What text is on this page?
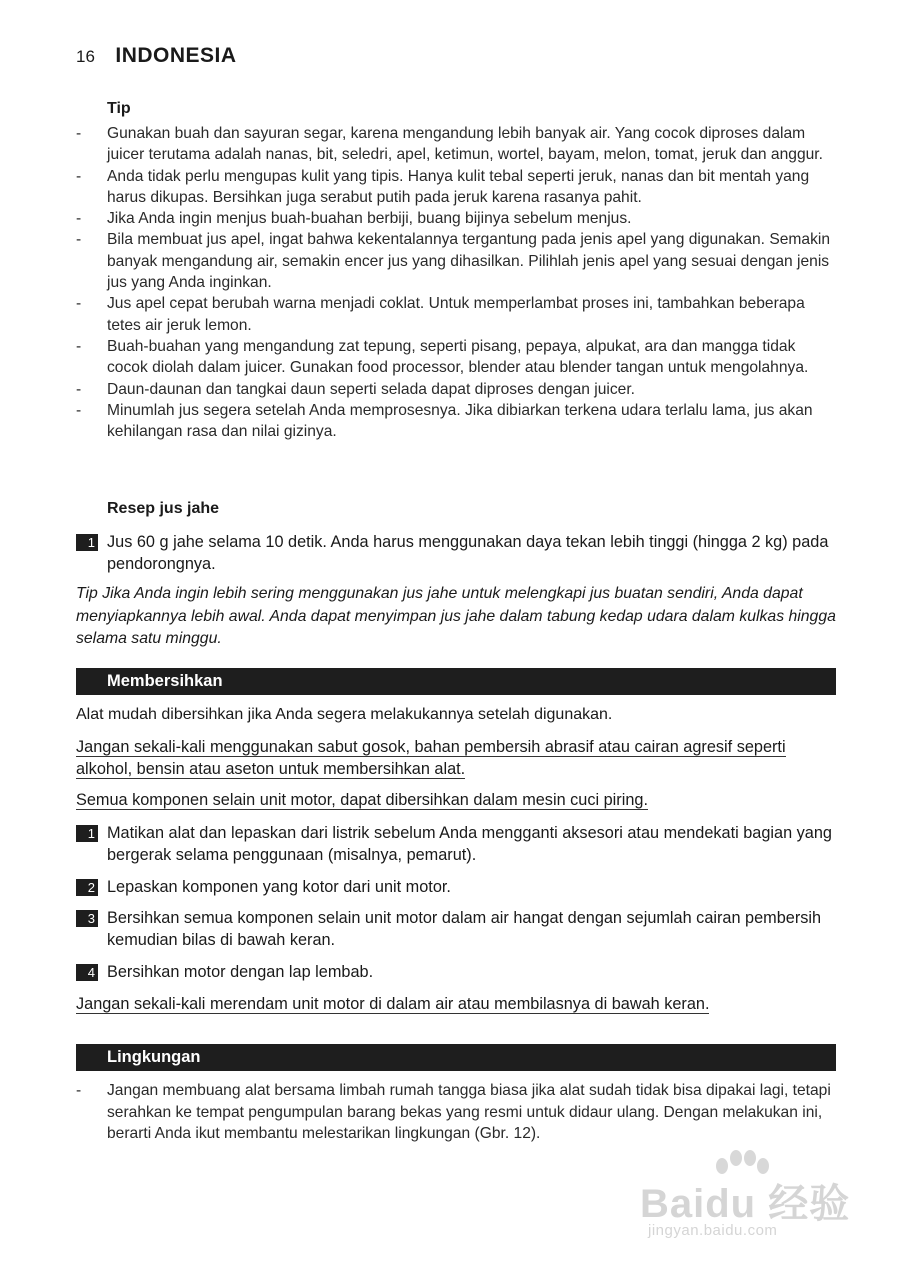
16 INDONESIA
Tip
- Gunakan buah dan sayuran segar, karena mengandung lebih banyak air. Yang cocok diproses dalam juicer terutama adalah nanas, bit, seledri, apel, ketimun, wortel, bayam, melon, tomat, jeruk dan anggur.
- Anda tidak perlu mengupas kulit yang tipis. Hanya kulit tebal seperti jeruk, nanas dan bit mentah yang harus dikupas. Bersihkan juga serabut putih pada jeruk karena rasanya pahit.
- Jika Anda ingin menjus buah-buahan berbiji, buang bijinya sebelum menjus.
- Bila membuat jus apel, ingat bahwa kekentalannya tergantung pada jenis apel yang digunakan. Semakin banyak mengandung air, semakin encer jus yang dihasilkan. Pilihlah jenis apel yang sesuai dengan jenis jus yang Anda inginkan.
- Jus apel cepat berubah warna menjadi coklat. Untuk memperlambat proses ini, tambahkan beberapa tetes air jeruk lemon.
- Buah-buahan yang mengandung zat tepung, seperti pisang, pepaya, alpukat, ara dan mangga tidak cocok diolah dalam juicer. Gunakan food processor, blender atau blender tangan untuk mengolahnya.
- Daun-daunan dan tangkai daun seperti selada dapat diproses dengan juicer.
- Minumlah jus segera setelah Anda memprosesnya. Jika dibiarkan terkena udara terlalu lama, jus akan kehilangan rasa dan nilai gizinya.
Resep jus jahe
1 Jus 60 g jahe selama 10 detik. Anda harus menggunakan daya tekan lebih tinggi (hingga 2 kg) pada pendorongnya.
Tip Jika Anda ingin lebih sering menggunakan jus jahe untuk melengkapi jus buatan sendiri, Anda dapat menyiapkannya lebih awal. Anda dapat menyimpan jus jahe dalam tabung kedap udara dalam kulkas hingga selama satu minggu.
Membersihkan
Alat mudah dibersihkan jika Anda segera melakukannya setelah digunakan.
Jangan sekali-kali menggunakan sabut gosok, bahan pembersih abrasif atau cairan agresif seperti alkohol, bensin atau aseton untuk membersihkan alat.
Semua komponen selain unit motor, dapat dibersihkan dalam mesin cuci piring.
1 Matikan alat dan lepaskan dari listrik sebelum Anda mengganti aksesori atau mendekati bagian yang bergerak selama penggunaan (misalnya, pemarut).
2 Lepaskan komponen yang kotor dari unit motor.
3 Bersihkan semua komponen selain unit motor dalam air hangat dengan sejumlah cairan pembersih kemudian bilas di bawah keran.
4 Bersihkan motor dengan lap lembab.
Jangan sekali-kali merendam unit motor di dalam air atau membilasnya di bawah keran.
Lingkungan
- Jangan membuang alat bersama limbah rumah tangga biasa jika alat sudah tidak bisa dipakai lagi, tetapi serahkan ke tempat pengumpulan barang bekas yang resmi untuk didaur ulang. Dengan melakukan ini, berarti Anda ikut membantu melestarikan lingkungan (Gbr. 12).
Baidu 经验
jingyan.baidu.com
